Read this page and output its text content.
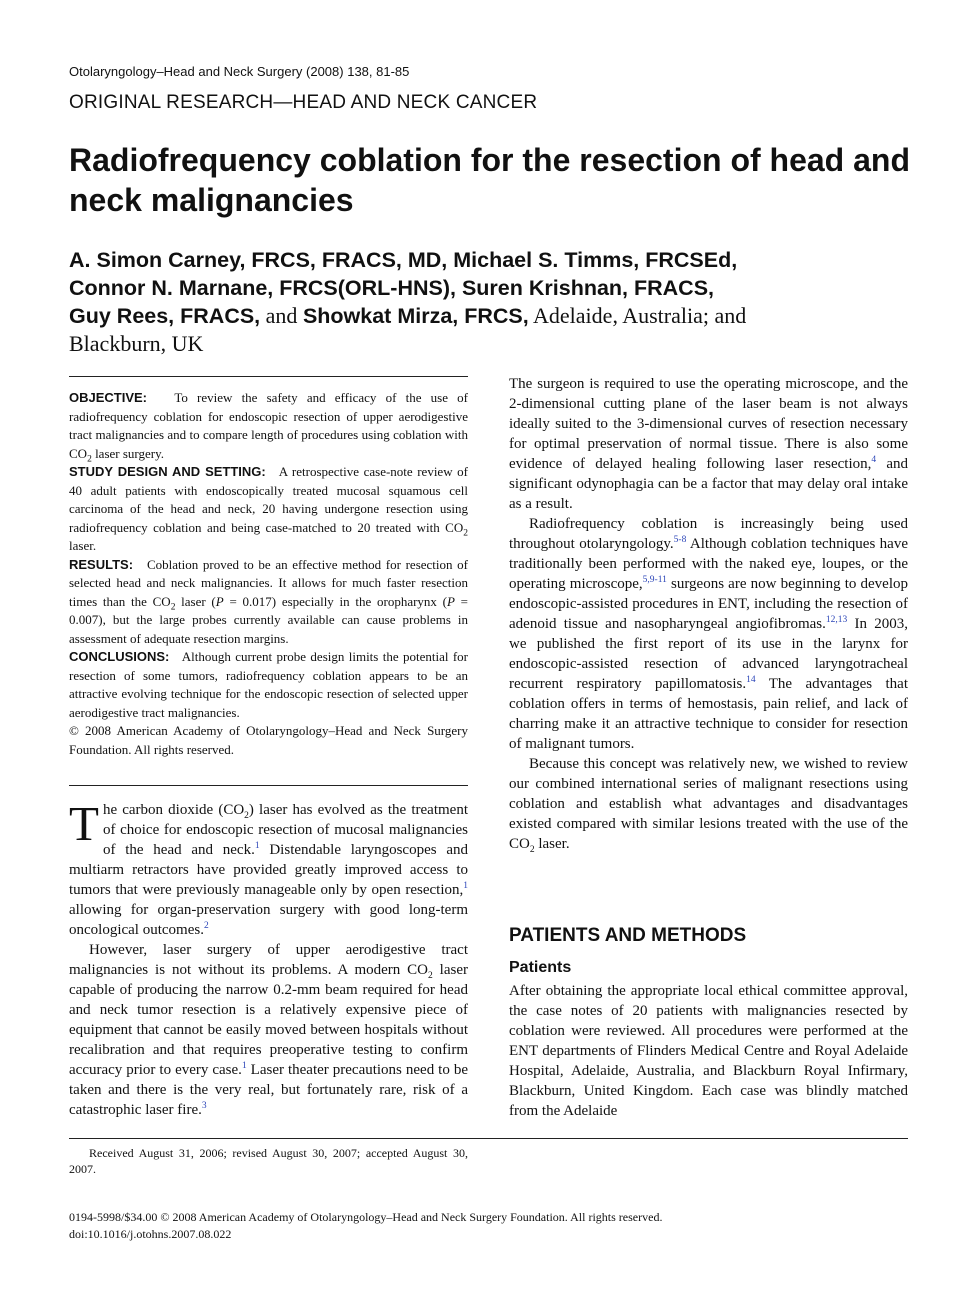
Otolaryngology–Head and Neck Surgery (2008) 138, 81-85
ORIGINAL RESEARCH—HEAD AND NECK CANCER
Radiofrequency coblation for the resection of head and neck malignancies
A. Simon Carney, FRCS, FRACS, MD, Michael S. Timms, FRCSEd,
Connor N. Marnane, FRCS(ORL-HNS), Suren Krishnan, FRACS,
Guy Rees, FRACS, and Showkat Mirza, FRCS, Adelaide, Australia; and
Blackburn, UK

OBJECTIVE: To review the safety and efficacy of the use of radiofrequency coblation for endoscopic resection of upper aerodigestive tract malignancies and to compare length of procedures using coblation with $CO_2$ laser surgery.

STUDY DESIGN AND SETTING: A retrospective case-note review of 40 adult patients with endoscopically treated mucosal squamous cell carcinoma of the head and neck, 20 having undergone resection using radiofrequency coblation and being case-matched to 20 treated with $CO_2$ laser.

RESULTS: Coblation proved to be an effective method for resection of selected head and neck malignancies. It allows for much faster resection times than the $CO_2$ laser (P = 0.017) especially in the oropharynx (P = 0.007), but the large probes currently available can cause problems in assessment of adequate resection margins.

CONCLUSIONS: Although current probe design limits the potential for resection of some tumors, radiofrequency coblation appears to be an attractive evolving technique for the endoscopic resection of selected upper aerodigestive tract malignancies.

© 2008 American Academy of Otolaryngology–Head and Neck Surgery Foundation. All rights reserved.

The carbon dioxide $(CO_2)$ laser has evolved as the treatment of choice for endoscopic resection of mucosal malignancies of the head and neck.$^1$ Distendable laryngoscopes and multiarm retractors have provided greatly improved access to tumors that were previously manageable only by open resection,$^1$ allowing for organ-preservation surgery with good long-term oncological outcomes.$^2$

However, laser surgery of upper aerodigestive tract malignancies is not without its problems. A modern $CO_2$ laser capable of producing the narrow 0.2-mm beam required for head and neck tumor resection is a relatively expensive piece of equipment that cannot be easily moved between hospitals without recalibration and that requires preoperative testing to confirm accuracy prior to every case.$^1$ Laser theater precautions need to be taken and there is the very real, but fortunately rare, risk of a catastrophic laser fire.$^3$

The surgeon is required to use the operating microscope, and the 2-dimensional cutting plane of the laser beam is not always ideally suited to the 3-dimensional curves of resection necessary for optimal preservation of normal tissue. There is also some evidence of delayed healing following laser resection,$^4$ and significant odynophagia can be a factor that may delay oral intake as a result.

Radiofrequency coblation is increasingly being used throughout otolaryngology.$^{5-8}$ Although coblation techniques have traditionally been performed with the naked eye, loupes, or the operating microscope,$^{5,9-11}$ surgeons are now beginning to develop endoscopic-assisted procedures in ENT, including the resection of adenoid tissue and nasopharyngeal angiofibromas.$^{12,13}$ In 2003, we published the first report of its use in the larynx for endoscopic-assisted resection of advanced laryngotracheal recurrent respiratory papillomatosis.$^{14}$ The advantages that coblation offers in terms of hemostasis, pain relief, and lack of charring make it an attractive technique to consider for resection of malignant tumors.

Because this concept was relatively new, we wished to review our combined international series of malignant resections using coblation and establish what advantages and disadvantages existed compared with similar lesions treated with the use of the $CO_2$ laser.

PATIENTS AND METHODS
Patients

After obtaining the appropriate local ethical committee approval, the case notes of 20 patients with malignancies resected by coblation were reviewed. All procedures were performed at the ENT departments of Flinders Medical Centre and Royal Adelaide Hospital, Adelaide, Australia, and Blackburn Royal Infirmary, Blackburn, United Kingdom. Each case was blindly matched from the Adelaide

Received August 31, 2006; revised August 30, 2007; accepted August 30, 2007.
0194-5998/$34.00 © 2008 American Academy of Otolaryngology–Head and Neck Surgery Foundation. All rights reserved.
doi:10.1016/j.otohns.2007.08.022
